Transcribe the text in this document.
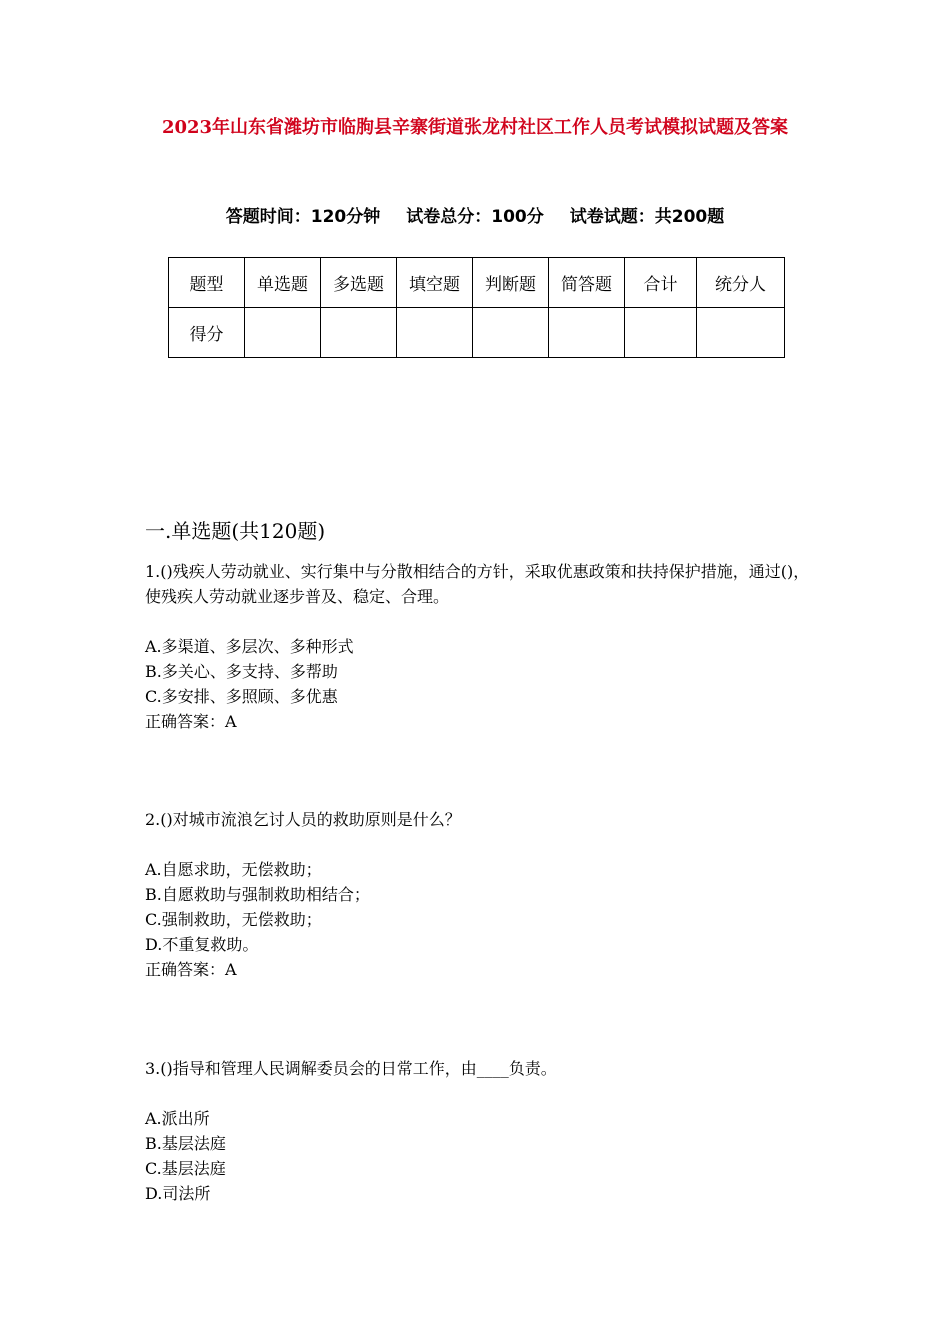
2023年山东省潍坊市临朐县辛寨街道张龙村社区工作人员考试模拟试题及答案
答题时间：120分钟 试卷总分：100分 试卷试题：共200题
题型	单选题	多选题	填空题	判断题	简答题	合计	统分人
得分							
一.单选题(共120题)
1.()残疾人劳动就业、实行集中与分散相结合的方针，采取优惠政策和扶持保护措施，通过()，使残疾人劳动就业逐步普及、稳定、合理。
A.多渠道、多层次、多种形式
B.多关心、多支持、多帮助
C.多安排、多照顾、多优惠
正确答案：A
2.()对城市流浪乞讨人员的救助原则是什么？
A.自愿求助，无偿救助；
B.自愿救助与强制救助相结合；
C.强制救助，无偿救助；
D.不重复救助。
正确答案：A
3.()指导和管理人民调解委员会的日常工作，由____负责。
A.派出所
B.基层法庭
C.基层法庭
D.司法所
